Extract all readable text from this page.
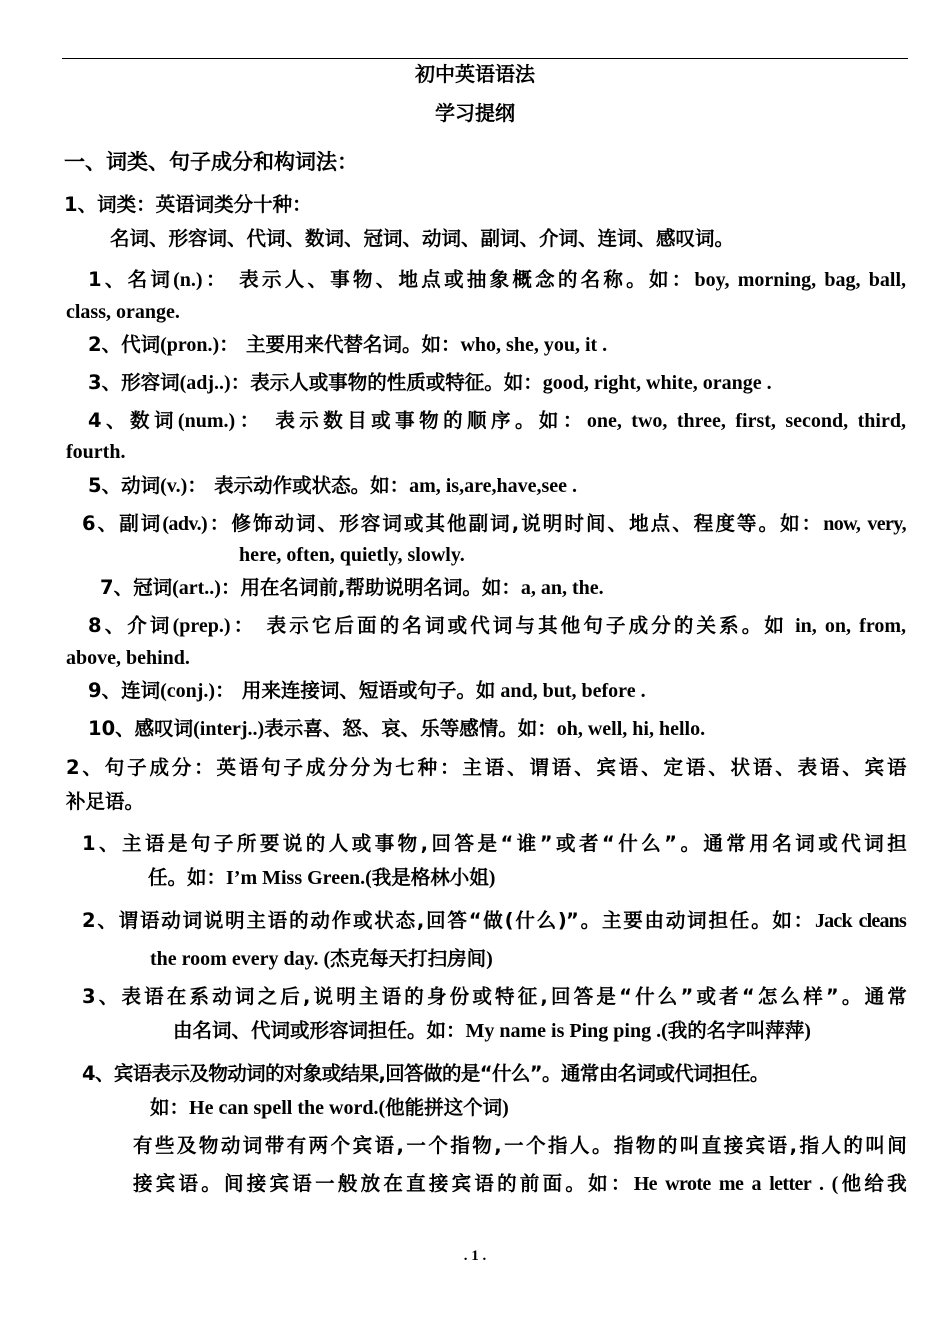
初中英语语法
学习提纲
一、词类、句子成分和构词法：
1、词类：英语词类分十种：
名词、形容词、代词、数词、冠词、动词、副词、介词、连词、感叹词。
1、名词(n.)： 表示人、事物、地点或抽象概念的名称。如：boy, morning, bag, ball,
class, orange.
2、代词(pron.)： 主要用来代替名词。如：who, she, you, it .
3、形容词(adj..)：表示人或事物的性质或特征。如：good, right, white, orange .
4、数词(num.)： 表示数目或事物的顺序。如：one, two, three, first, second, third,
fourth.
5、动词(v.)： 表示动作或状态。如：am, is,are,have,see .
6、副词(adv.)：修饰动词、形容词或其他副词,说明时间、地点、程度等。如：now, very,
here, often, quietly, slowly.
7、冠词(art..)：用在名词前,帮助说明名词。如：a, an, the.
8、介词(prep.)： 表示它后面的名词或代词与其他句子成分的关系。如 in, on, from,
above, behind.
9、连词(conj.)： 用来连接词、短语或句子。如 and, but, before .
10、感叹词(interj..)表示喜、怒、哀、乐等感情。如：oh, well, hi, hello.
2、句子成分：英语句子成分分为七种：主语、谓语、宾语、定语、状语、表语、宾语
补足语。
1、主语是句子所要说的人或事物,回答是“谁”或者“什么”。通常用名词或代词担
任。如：I’m Miss Green.(我是格林小姐)
2、谓语动词说明主语的动作或状态,回答“做(什么)”。主要由动词担任。如：Jack cleans
the room every day. (杰克每天打扫房间)
3、表语在系动词之后,说明主语的身份或特征,回答是“什么”或者“怎么样”。通常
由名词、代词或形容词担任。如：My name is Ping ping .(我的名字叫萍萍)
4、宾语表示及物动词的对象或结果,回答做的是“什么”。通常由名词或代词担任。
如：He can spell the word.(他能拼这个词)
有些及物动词带有两个宾语,一个指物,一个指人。指物的叫直接宾语,指人的叫间
接宾语。间接宾语一般放在直接宾语的前面。如：He wrote me a letter . (他给我
. 1 .
